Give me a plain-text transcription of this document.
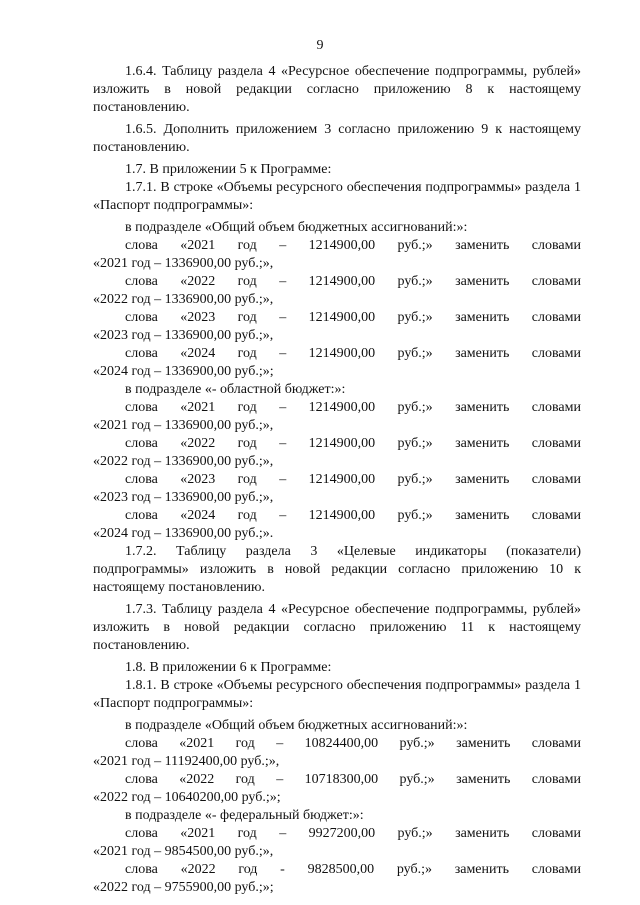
9

1.6.4. Таблицу раздела 4 «Ресурсное обеспечение подпрограммы, рублей» изложить в новой редакции согласно приложению 8 к настоящему постановлению.

1.6.5. Дополнить приложением 3 согласно приложению 9 к настоящему постановлению.

1.7. В приложении 5 к Программе:

1.7.1. В строке «Объемы ресурсного обеспечения подпрограммы» раздела 1 «Паспорт подпрограммы»:

в подразделе «Общий объем бюджетных ассигнований:»:

слова «2021 год – 1214900,00 руб.;» заменить словами

«2021 год – 1336900,00 руб.;»,

слова «2022 год – 1214900,00 руб.;» заменить словами

«2022 год – 1336900,00 руб.;»,

слова «2023 год – 1214900,00 руб.;» заменить словами

«2023 год – 1336900,00 руб.;»,

слова «2024 год – 1214900,00 руб.;» заменить словами

«2024 год – 1336900,00 руб.;»;

в подразделе «- областной бюджет:»:

слова «2021 год – 1214900,00 руб.;» заменить словами

«2021 год – 1336900,00 руб.;»,

слова «2022 год – 1214900,00 руб.;» заменить словами

«2022 год – 1336900,00 руб.;»,

слова «2023 год – 1214900,00 руб.;» заменить словами

«2023 год – 1336900,00 руб.;»,

слова «2024 год – 1214900,00 руб.;» заменить словами

«2024 год – 1336900,00 руб.;».

1.7.2. Таблицу раздела 3 «Целевые индикаторы (показатели) подпрограммы» изложить в новой редакции согласно приложению 10 к настоящему постановлению.

1.7.3. Таблицу раздела 4 «Ресурсное обеспечение подпрограммы, рублей» изложить в новой редакции согласно приложению 11 к настоящему постановлению.

1.8. В приложении 6 к Программе:

1.8.1. В строке «Объемы ресурсного обеспечения подпрограммы» раздела 1 «Паспорт подпрограммы»:

в подразделе «Общий объем бюджетных ассигнований:»:

слова «2021 год – 10824400,00 руб.;» заменить словами

«2021 год – 11192400,00 руб.;»,

слова «2022 год – 10718300,00 руб.;» заменить словами

«2022 год – 10640200,00 руб.;»;

в подразделе «- федеральный бюджет:»:

слова «2021 год – 9927200,00 руб.;» заменить словами

«2021 год – 9854500,00 руб.;»,

слова «2022 год - 9828500,00 руб.;» заменить словами

«2022 год – 9755900,00 руб.;»;
